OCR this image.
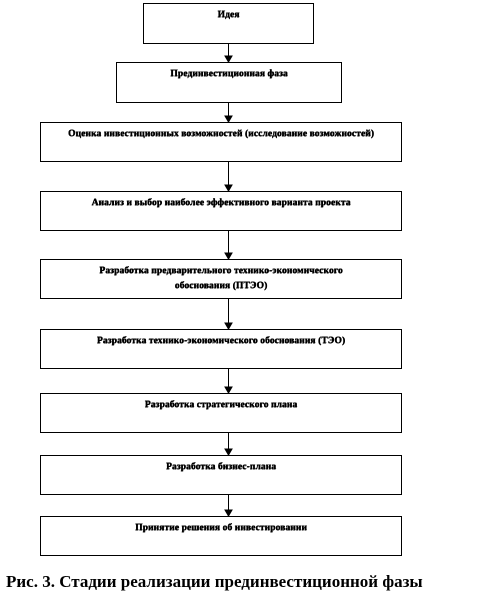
Идея
Прединвестиционная фаза
Оценка инвестиционных возможностей (исследование возможностей)
Анализ и выбор наиболее эффективного варианта проекта
Разработка предварительного технико-экономического обоснования (ПТЭО)
Разработка технико-экономического обоснования (ТЭО)
Разработка стратегического плана
Разработка бизнес-плана
Принятие решения об инвестировании
Рис. 3. Стадии реализации прединвестиционной фазы
